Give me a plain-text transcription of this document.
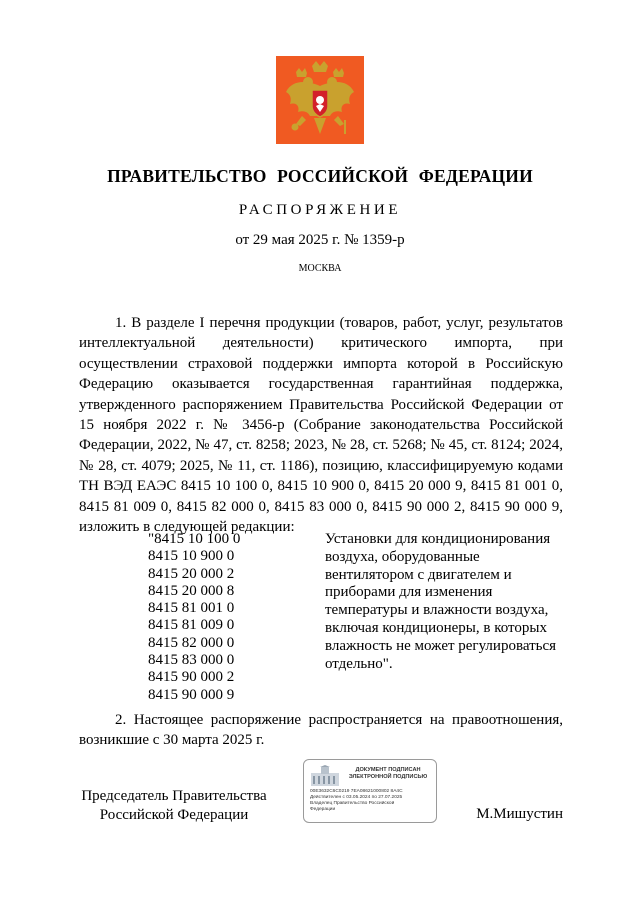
ПРАВИТЕЛЬСТВО РОССИЙСКОЙ ФЕДЕРАЦИИ
РАСПОРЯЖЕНИЕ
от 29 мая 2025 г. № 1359-р
МОСКВА
1. В разделе I перечня продукции (товаров, работ, услуг, результатов интеллектуальной деятельности) критического импорта, при осуществлении страховой поддержки импорта которой в Российскую Федерацию оказывается государственная гарантийная поддержка, утвержденного распоряжением Правительства Российской Федерации от 15 ноября 2022 г. № 3456-р (Собрание законодательства Российской Федерации, 2022, № 47, ст. 8258; 2023, № 28, ст. 5268; № 45, ст. 8124; 2024, № 28, ст. 4079; 2025, № 11, ст. 1186), позицию, классифицируемую кодами ТН ВЭД ЕАЭС 8415 10 100 0, 8415 10 900 0, 8415 20 000 9, 8415 81 001 0, 8415 81 009 0, 8415 82 000 0, 8415 83 000 0, 8415 90 000 2, 8415 90 000 9, изложить в следующей редакции:
"8415 10 100 0
8415 10 900 0
8415 20 000 2
8415 20 000 8
8415 81 001 0
8415 81 009 0
8415 82 000 0
8415 83 000 0
8415 90 000 2
8415 90 000 9
Установки для кондиционирования воздуха, оборудованные вентилятором с двигателем и приборами для изменения температуры и влажности воздуха, включая кондиционеры, в которых влажность не может регулироваться отдельно".
2. Настоящее распоряжение распространяется на правоотношения, возникшие с 30 марта 2025 г.
Председатель Правительства
Российской Федерации
ДОКУМЕНТ ПОДПИСАН
ЭЛЕКТРОННОЙ ПОДПИСЬЮ
00E3632C6C0219 7EA08621000802 8A4C
Действителен с 03.05.2024 по 27.07.2025
Владелец Правительство Российской
Федерации	М.Мишустин
